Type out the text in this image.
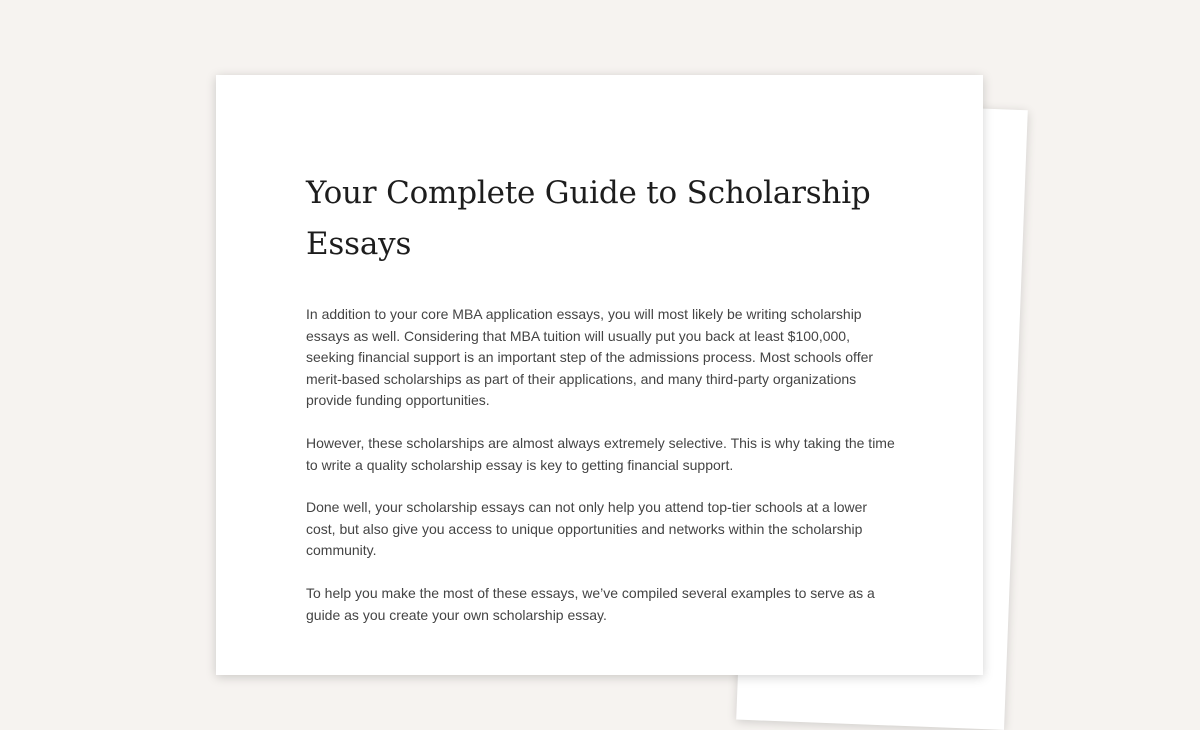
Your Complete Guide to Scholarship Essays

In addition to your core MBA application essays, you will most likely be writing scholarship essays as well. Considering that MBA tuition will usually put you back at least $100,000, seeking financial support is an important step of the admissions process. Most schools offer merit-based scholarships as part of their applications, and many third-party organizations provide funding opportunities.

However, these scholarships are almost always extremely selective. This is why taking the time to write a quality scholarship essay is key to getting financial support.

Done well, your scholarship essays can not only help you attend top-tier schools at a lower cost, but also give you access to unique opportunities and networks within the scholarship community.

To help you make the most of these essays, we’ve compiled several examples to serve as a guide as you create your own scholarship essay.
